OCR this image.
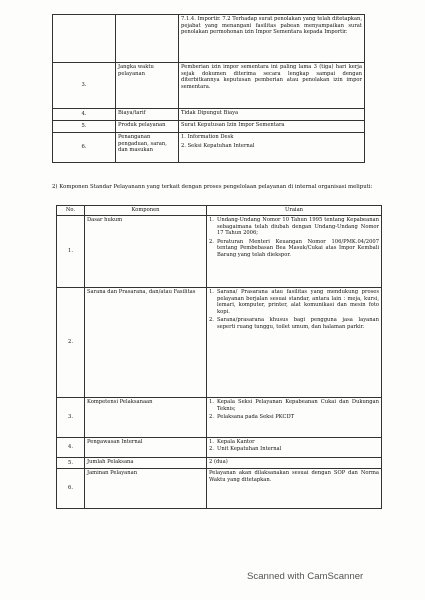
		7.1.4. Importir. 7.2 Terhadap surat penolakan yang telah ditetapkan, pejabat yang menangani fasilitas pabean menyampaikan surat penolakan permohonan izin Impor Sementara kepada Importir.
3.	Jangka waktu pelayanan	Pemberian izin impor sementara ini paling lama 3 (tiga) hari kerja sejak dokumen diterima secara lengkap sampai dengan diterbitkannya keputusan pemberian atau penolakan izin impor sementara.
4.	Biaya/tarif	Tidak Dipungut Biaya
5.	Produk pelayanan	Surat Keputusan Izin Impor Sementara
6.	Penanganan pengaduan, saran, dan masukan	1. Information Desk
2. Seksi Kepatuhan Internal
2) Komponen Standar Pelayanann yang terkait dengan proses pengelolaan pelayanan di internal organisasi meliputi:
No.	Komponen	Uraian
1.	Dasar hukum	1. Undang-Undang Nomor 10 Tahun 1995 tentang Kepabeanan sebagaimana telah diubah dengan Undang-Undang Nomor 17 Tahun 2006;
2. Peraturan Menteri Keuangan Nomor 106/PMK.04/2007 tentang Pembebasan Bea Masuk/Cukai atas Impor Kembali Barang yang telah diekspor.

2.	Sarana dan Prasarana, dan/atau Fasilitas	1. Sarana/ Prasarana atau fasilitas yang mendukung proses pelayanan berjalan sesuai standar, antara lain : meja, kursi, lemari, komputer, printer, alat komunikasi dan mesin foto kopi.
2. Sarana/prasarana khusus bagi pengguna jasa layanan seperti ruang tunggu, toilet umum, dan halaman parkir.

3.	Kompetensi Pelaksanaan	1. Kepala Seksi Pelayanan Kepabeanan Cukai dan Dukungan Teknis;
2. Pelaksana pada Seksi PKCDT

4.	Pengawasan Internal	1. Kepala Kantor
2. Unit Kepatuhan Internal

5.	Jumlah Pelaksana	2 (dua)
6.	Jaminan Pelayanan	Pelayanan akan dilaksanakan sesuai dengan SOP dan Norma Waktu yang ditetapkan.
Scanned with CamScanner
